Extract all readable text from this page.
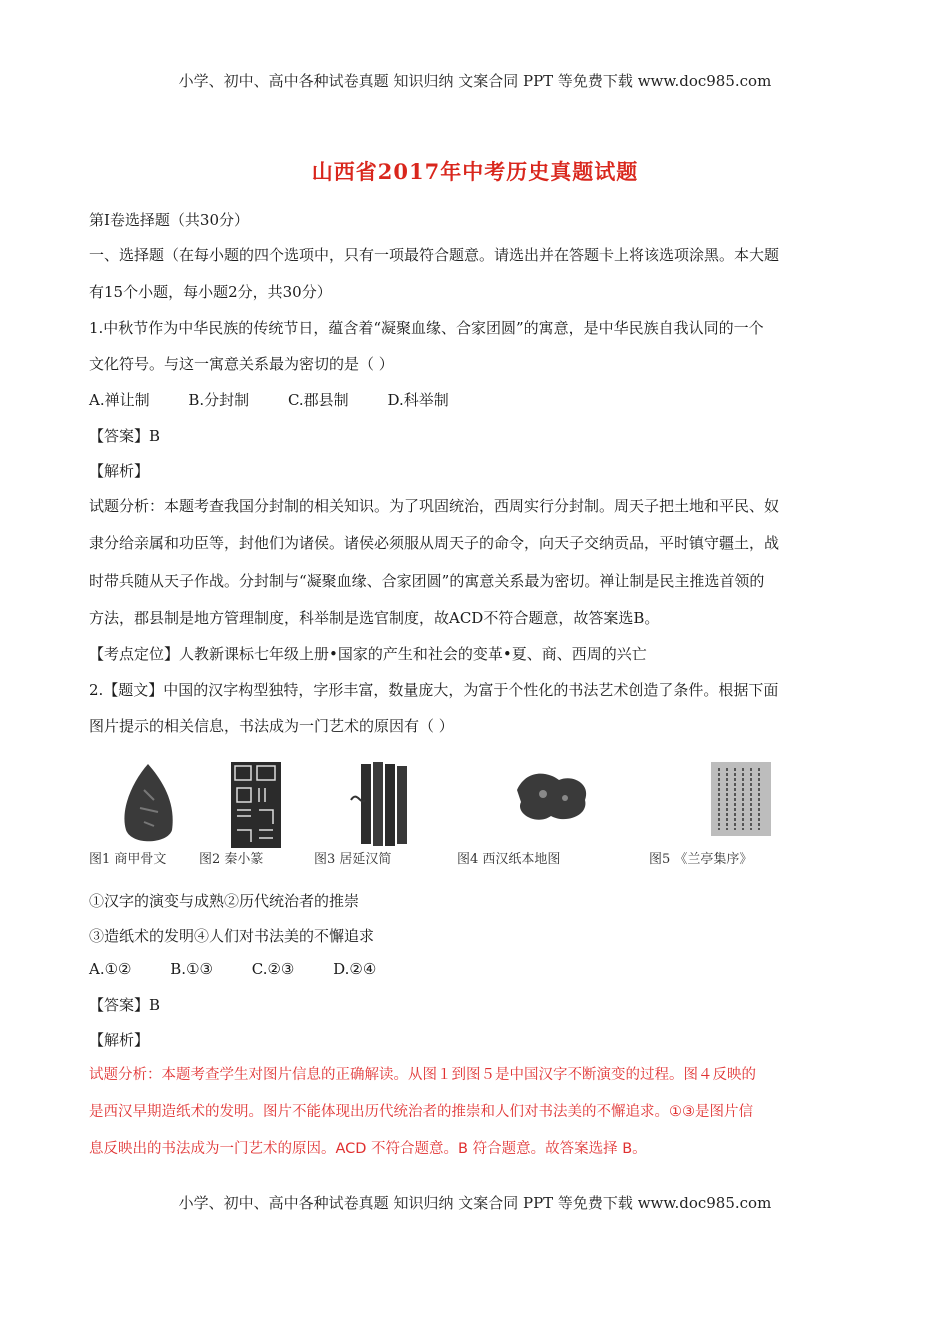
小学、初中、高中各种试卷真题 知识归纳 文案合同 PPT 等免费下载 www.doc985.com
山西省2017年中考历史真题试题
第Ⅰ卷选择题（共30分）
一、选择题（在每小题的四个选项中，只有一项最符合题意。请选出并在答题卡上将该选项涂黑。本大题
有15个小题，每小题2分，共30分）
1.中秋节作为中华民族的传统节日，蕴含着“凝聚血缘、合家团圆”的寓意，是中华民族自我认同的一个
文化符号。与这一寓意关系最为密切的是（ ）
A.禅让制	B.分封制	C.郡县制	D.科举制
【答案】B
【解析】
试题分析：本题考查我国分封制的相关知识。为了巩固统治，西周实行分封制。周天子把土地和平民、奴
隶分给亲属和功臣等，封他们为诸侯。诸侯必须服从周天子的命令，向天子交纳贡品，平时镇守疆土，战
时带兵随从天子作战。分封制与“凝聚血缘、合家团圆”的寓意关系最为密切。禅让制是民主推选首领的
方法，郡县制是地方管理制度，科举制是选官制度，故ACD不符合题意，故答案选B。
【考点定位】人教新课标七年级上册•国家的产生和社会的变革•夏、商、西周的兴亡
2.【题文】中国的汉字构型独特，字形丰富，数量庞大，为富于个性化的书法艺术创造了条件。根据下面
图片提示的相关信息，书法成为一门艺术的原因有（ ）
图1 商甲骨文	图2 秦小篆	图3 居延汉简	图4 西汉纸本地图	图5 《兰亭集序》
①汉字的演变与成熟②历代统治者的推崇
③造纸术的发明④人们对书法美的不懈追求
A.①②	B.①③	C.②③	D.②④
【答案】B
【解析】
试题分析：本题考查学生对图片信息的正确解读。从图１到图５是中国汉字不断演变的过程。图４反映的
是西汉早期造纸术的发明。图片不能体现出历代统治者的推崇和人们对书法美的不懈追求。①③是图片信
息反映出的书法成为一门艺术的原因。ACD 不符合题意。B 符合题意。故答案选择 B。
小学、初中、高中各种试卷真题 知识归纳 文案合同 PPT 等免费下载 www.doc985.com
